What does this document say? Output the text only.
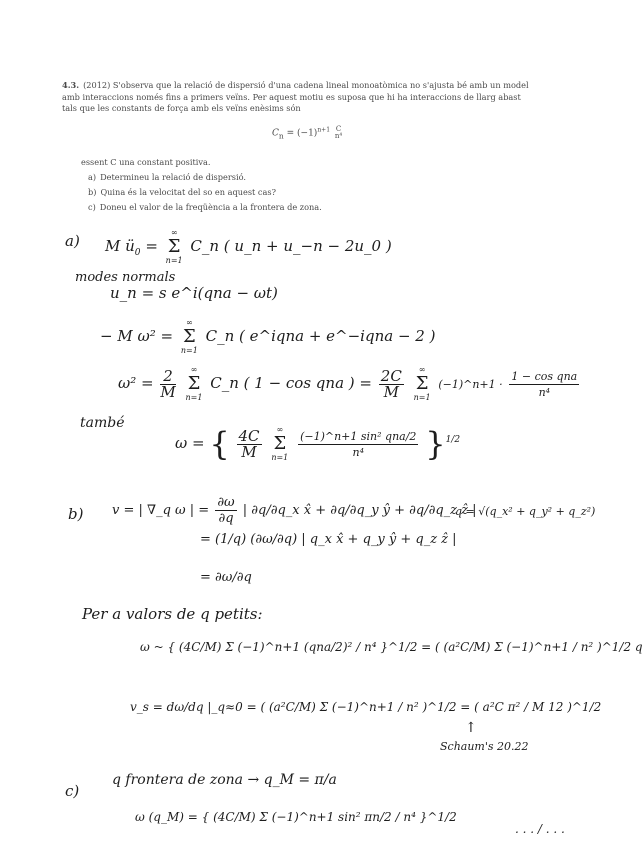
4.3. (2012) S'observa que la relació de dispersió d'una cadena lineal monoatòmica no s'ajusta bé amb un model amb interaccions només fins a primers veïns. Per aquest motiu es suposa que hi ha interaccions de llarg abast tals que les constants de força amb els veïns enèsims són

$C_n = (-1)^{n+1}$ C
n⁴
essent C una constant positiva.
a) Determineu la relació de dispersió.
b) Quina és la velocitat del so en aquest cas?
c) Doneu el valor de la freqüència a la frontera de zona.
a) M $ü_0$ =
∞
Σ
n=1
C_n ( u_n + u_−n − 2u_0 )
modes normals
u_n = s e^i(qna − ωt)
− M ω² =
∞
Σ
n=1
C_n ( e^iqna + e^−iqna − 2 )
$\omega^2 = \frac{2}{M}$
	∞
Σ
n=1
C_n ( 1 − cos qna ) = $\frac{2C}{M}$
	∞
Σ
n=1
(−1)^n+1 ·
1 − cos qna
n⁴
també
ω = { $\frac{4C}{M}$
	∞
Σ
n=1

(−1)^n+1 sin² qna/2
n⁴	}$^{1/2}$
b) v = | ∇_q ω | = $\frac{\partial\omega}{\partial q}$ | ∂q/∂q_x x̂ + ∂q/∂q_y ŷ + ∂q/∂q_z ẑ |
q = √(q_x² + q_y² + q_z²)
= (1/q) (∂ω/∂q) | q_x x̂ + q_y ŷ + q_z ẑ |
= ∂ω/∂q
Per a valors de q petits:
ω ~ { (4C/M) Σ (−1)^n+1 (qna/2)² / n⁴ }^1/2 = ( (a²C/M) Σ (−1)^n+1 / n² )^1/2 q
v_s = dω/dq |_q≈0 = ( (a²C/M) Σ (−1)^n+1 / n² )^1/2 = ( a²C π² / M 12 )^1/2
↑
Schaum's 20.22
c)
q frontera de zona → q_M = π/a
ω (q_M) = { (4C/M) Σ (−1)^n+1 sin² πn/2 / n⁴ }^1/2
. . . / . . .
